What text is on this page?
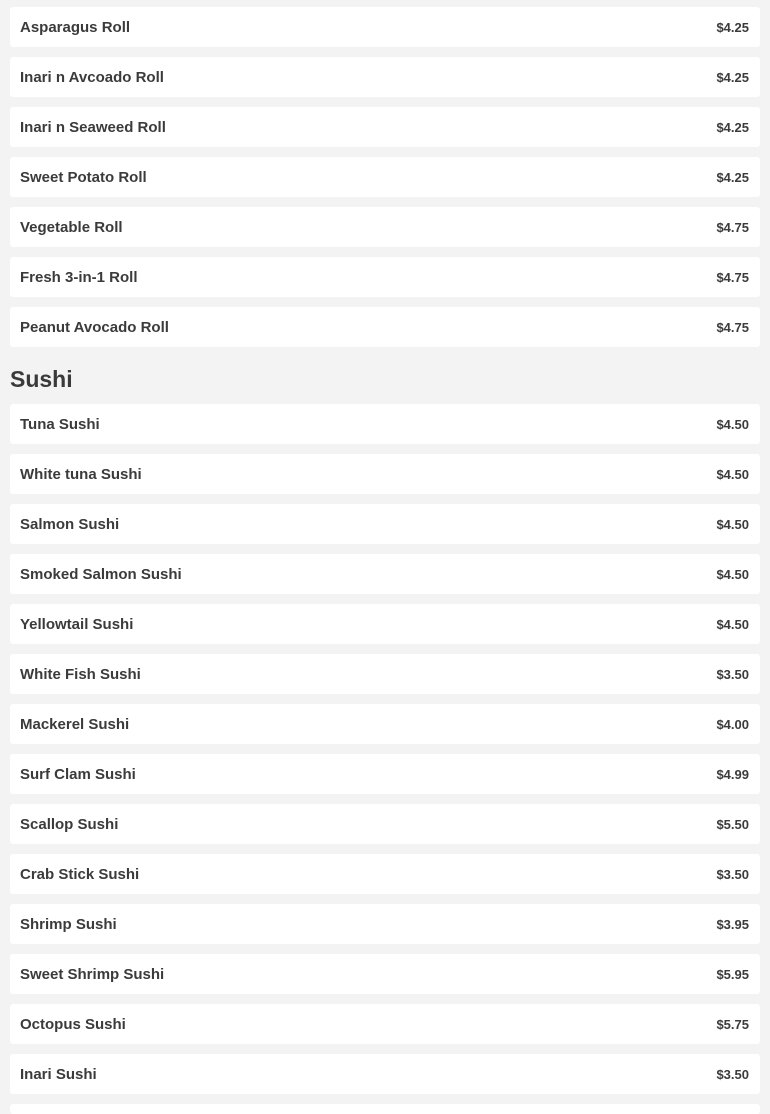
Asparagus Roll	$4.25
Inari n Avcoado Roll	$4.25
Inari n Seaweed Roll	$4.25
Sweet Potato Roll	$4.25
Vegetable Roll	$4.75
Fresh 3-in-1 Roll	$4.75
Peanut Avocado Roll	$4.75
Sushi
Tuna Sushi	$4.50
White tuna Sushi	$4.50
Salmon Sushi	$4.50
Smoked Salmon Sushi	$4.50
Yellowtail Sushi	$4.50
White Fish Sushi	$3.50
Mackerel Sushi	$4.00
Surf Clam Sushi	$4.99
Scallop Sushi	$5.50
Crab Stick Sushi	$3.50
Shrimp Sushi	$3.95
Sweet Shrimp Sushi	$5.95
Octopus Sushi	$5.75
Inari Sushi	$3.50
